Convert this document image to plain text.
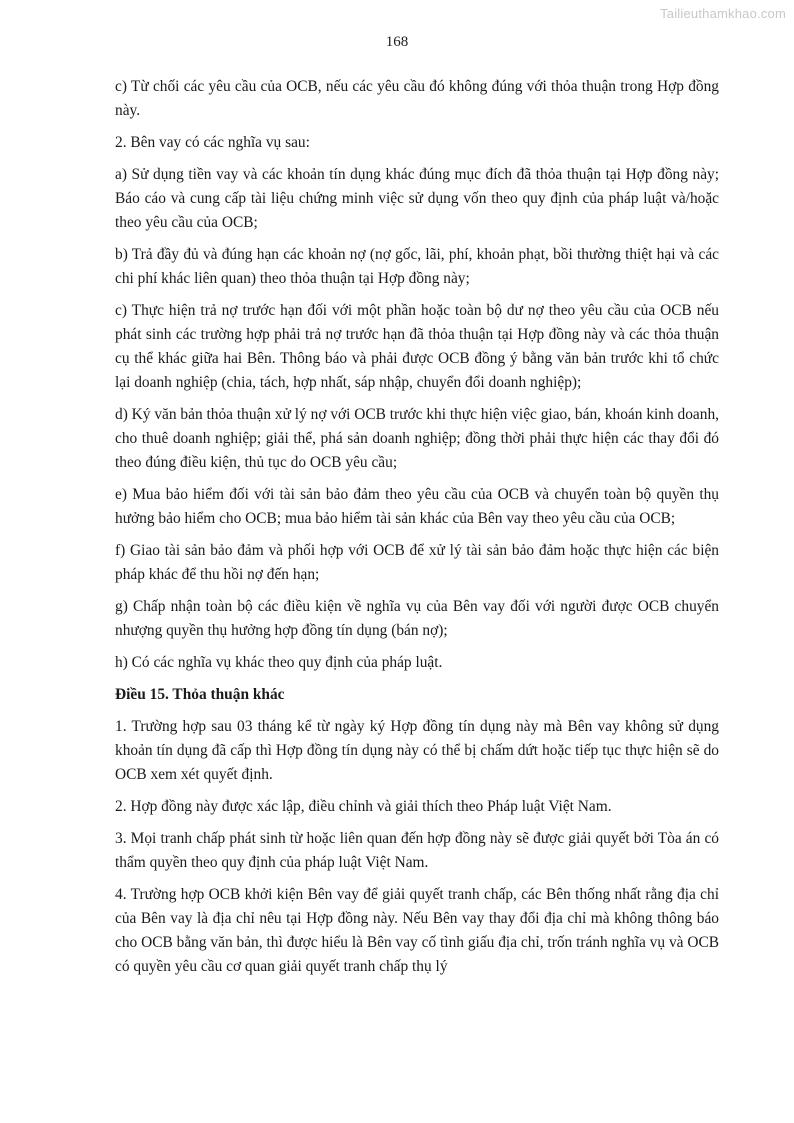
Tailieuthamkhao.com
168

c) Từ chối các yêu cầu của OCB, nếu các yêu cầu đó không đúng với thỏa thuận trong Hợp đồng này.

2. Bên vay có các nghĩa vụ sau:

a) Sử dụng tiền vay và các khoản tín dụng khác đúng mục đích đã thỏa thuận tại Hợp đồng này; Báo cáo và cung cấp tài liệu chứng minh việc sử dụng vốn theo quy định của pháp luật và/hoặc theo yêu cầu của OCB;

b) Trả đầy đủ và đúng hạn các khoản nợ (nợ gốc, lãi, phí, khoản phạt, bồi thường thiệt hại và các chi phí khác liên quan) theo thỏa thuận tại Hợp đồng này;

c) Thực hiện trả nợ trước hạn đối với một phần hoặc toàn bộ dư nợ theo yêu cầu của OCB nếu phát sinh các trường hợp phải trả nợ trước hạn đã thỏa thuận tại Hợp đồng này và các thỏa thuận cụ thể khác giữa hai Bên. Thông báo và phải được OCB đồng ý bằng văn bản trước khi tổ chức lại doanh nghiệp (chia, tách, hợp nhất, sáp nhập, chuyển đổi doanh nghiệp);

d) Ký văn bản thỏa thuận xử lý nợ với OCB trước khi thực hiện việc giao, bán, khoán kinh doanh, cho thuê doanh nghiệp; giải thể, phá sản doanh nghiệp; đồng thời phải thực hiện các thay đổi đó theo đúng điều kiện, thủ tục do OCB yêu cầu;

e) Mua bảo hiểm đối với tài sản bảo đảm theo yêu cầu của OCB và chuyển toàn bộ quyền thụ hưởng bảo hiểm cho OCB; mua bảo hiểm tài sản khác của Bên vay theo yêu cầu của OCB;

f) Giao tài sản bảo đảm và phối hợp với OCB để xử lý tài sản bảo đảm hoặc thực hiện các biện pháp khác để thu hồi nợ đến hạn;

g) Chấp nhận toàn bộ các điều kiện về nghĩa vụ của Bên vay đối với người được OCB chuyển nhượng quyền thụ hưởng hợp đồng tín dụng (bán nợ);

h) Có các nghĩa vụ khác theo quy định của pháp luật.

Điều 15. Thỏa thuận khác

1. Trường hợp sau 03 tháng kể từ ngày ký Hợp đồng tín dụng này mà Bên vay không sử dụng khoản tín dụng đã cấp thì Hợp đồng tín dụng này có thể bị chấm dứt hoặc tiếp tục thực hiện sẽ do OCB xem xét quyết định.

2. Hợp đồng này được xác lập, điều chỉnh và giải thích theo Pháp luật Việt Nam.

3. Mọi tranh chấp phát sinh từ hoặc liên quan đến hợp đồng này sẽ được giải quyết bởi Tòa án có thẩm quyền theo quy định của pháp luật Việt Nam.

4. Trường hợp OCB khởi kiện Bên vay để giải quyết tranh chấp, các Bên thống nhất rằng địa chỉ của Bên vay là địa chỉ nêu tại Hợp đồng này. Nếu Bên vay thay đổi địa chỉ mà không thông báo cho OCB bằng văn bản, thì được hiểu là Bên vay cố tình giấu địa chỉ, trốn tránh nghĩa vụ và OCB có quyền yêu cầu cơ quan giải quyết tranh chấp thụ lý
